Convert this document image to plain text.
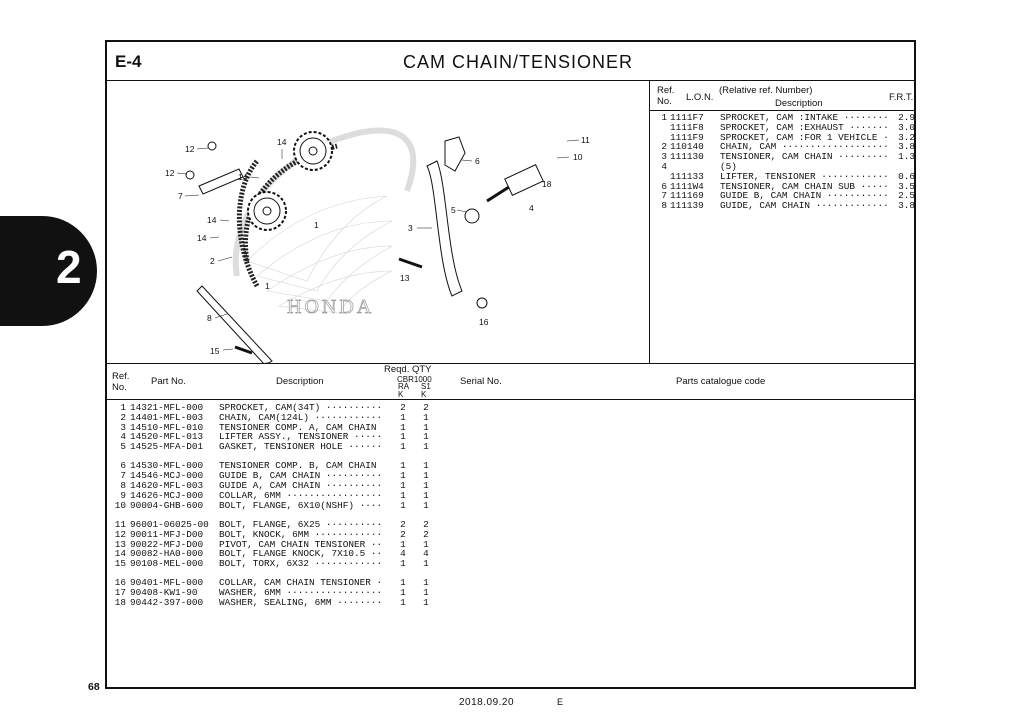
2
E-4	CAM CHAIN/TENSIONER
HONDA
12
14
12	14
7
14
14
2
8
15
1
1
3
13
6
5
11
10
18
4
16
Ref.
No. L.O.N.
(Relative ref. Number)
Description
F.R.T.
1 1111F7	SPROCKET, CAM :INTAKE ········ 2.9
1111F8	SPROCKET, CAM :EXHAUST ······· 3.0
1111F9	SPROCKET, CAM :FOR 1 VEHICLE · 3.2
2 110140	CHAIN, CAM ··················· 3.8
3 111130	TENSIONER, CAM CHAIN ········· 1.3
4	(5)
111133	LIFTER, TENSIONER ············ 0.6
6 1111W4	TENSIONER, CAM CHAIN SUB ····· 3.5
7 111169	GUIDE B, CAM CHAIN ··········· 2.5
8 111139	GUIDE, CAM CHAIN ············· 3.8
Ref.
No.
Part No.	Description
Reqd. QTY
CBR1000
RA
K
S1
K
Serial No.	Parts catalogue code
1 14321-MFL-000	SPROCKET, CAM(34T) ··········	2 2
2 14401-MFL-003	CHAIN, CAM(124L) ············	1 1
3 14510-MFL-010	TENSIONER COMP. A, CAM CHAIN	1 1
4 14520-MFL-013	LIFTER ASSY., TENSIONER ·····	1 1
5 14525-MFA-D01	GASKET, TENSIONER HOLE ······	1 1
6 14530-MFL-000	TENSIONER COMP. B, CAM CHAIN	1 1
7 14546-MCJ-000	GUIDE B, CAM CHAIN ··········	1 1
8 14620-MFL-003	GUIDE A, CAM CHAIN ··········	1 1
9 14626-MCJ-000	COLLAR, 6MM ·················	1 1
10 90004-GHB-600	BOLT, FLANGE, 6X10(NSHF) ····	1 1
11 96001-06025-00	BOLT, FLANGE, 6X25 ··········	2 2
12 90011-MFJ-D00	BOLT, KNOCK, 6MM ············	2 2
13 90022-MFJ-D00	PIVOT, CAM CHAIN TENSIONER ··	1 1
14 90082-HA0-000	BOLT, FLANGE KNOCK, 7X10.5 ··	4 4
15 90108-MEL-000	BOLT, TORX, 6X32 ············	1 1
16 90401-MFL-000	COLLAR, CAM CHAIN TENSIONER ·	1 1
17 90408-KW1-90	WASHER, 6MM ·················	1 1
18 90442-397-000	WASHER, SEALING, 6MM ········	1 1
68
2018.09.20	E
